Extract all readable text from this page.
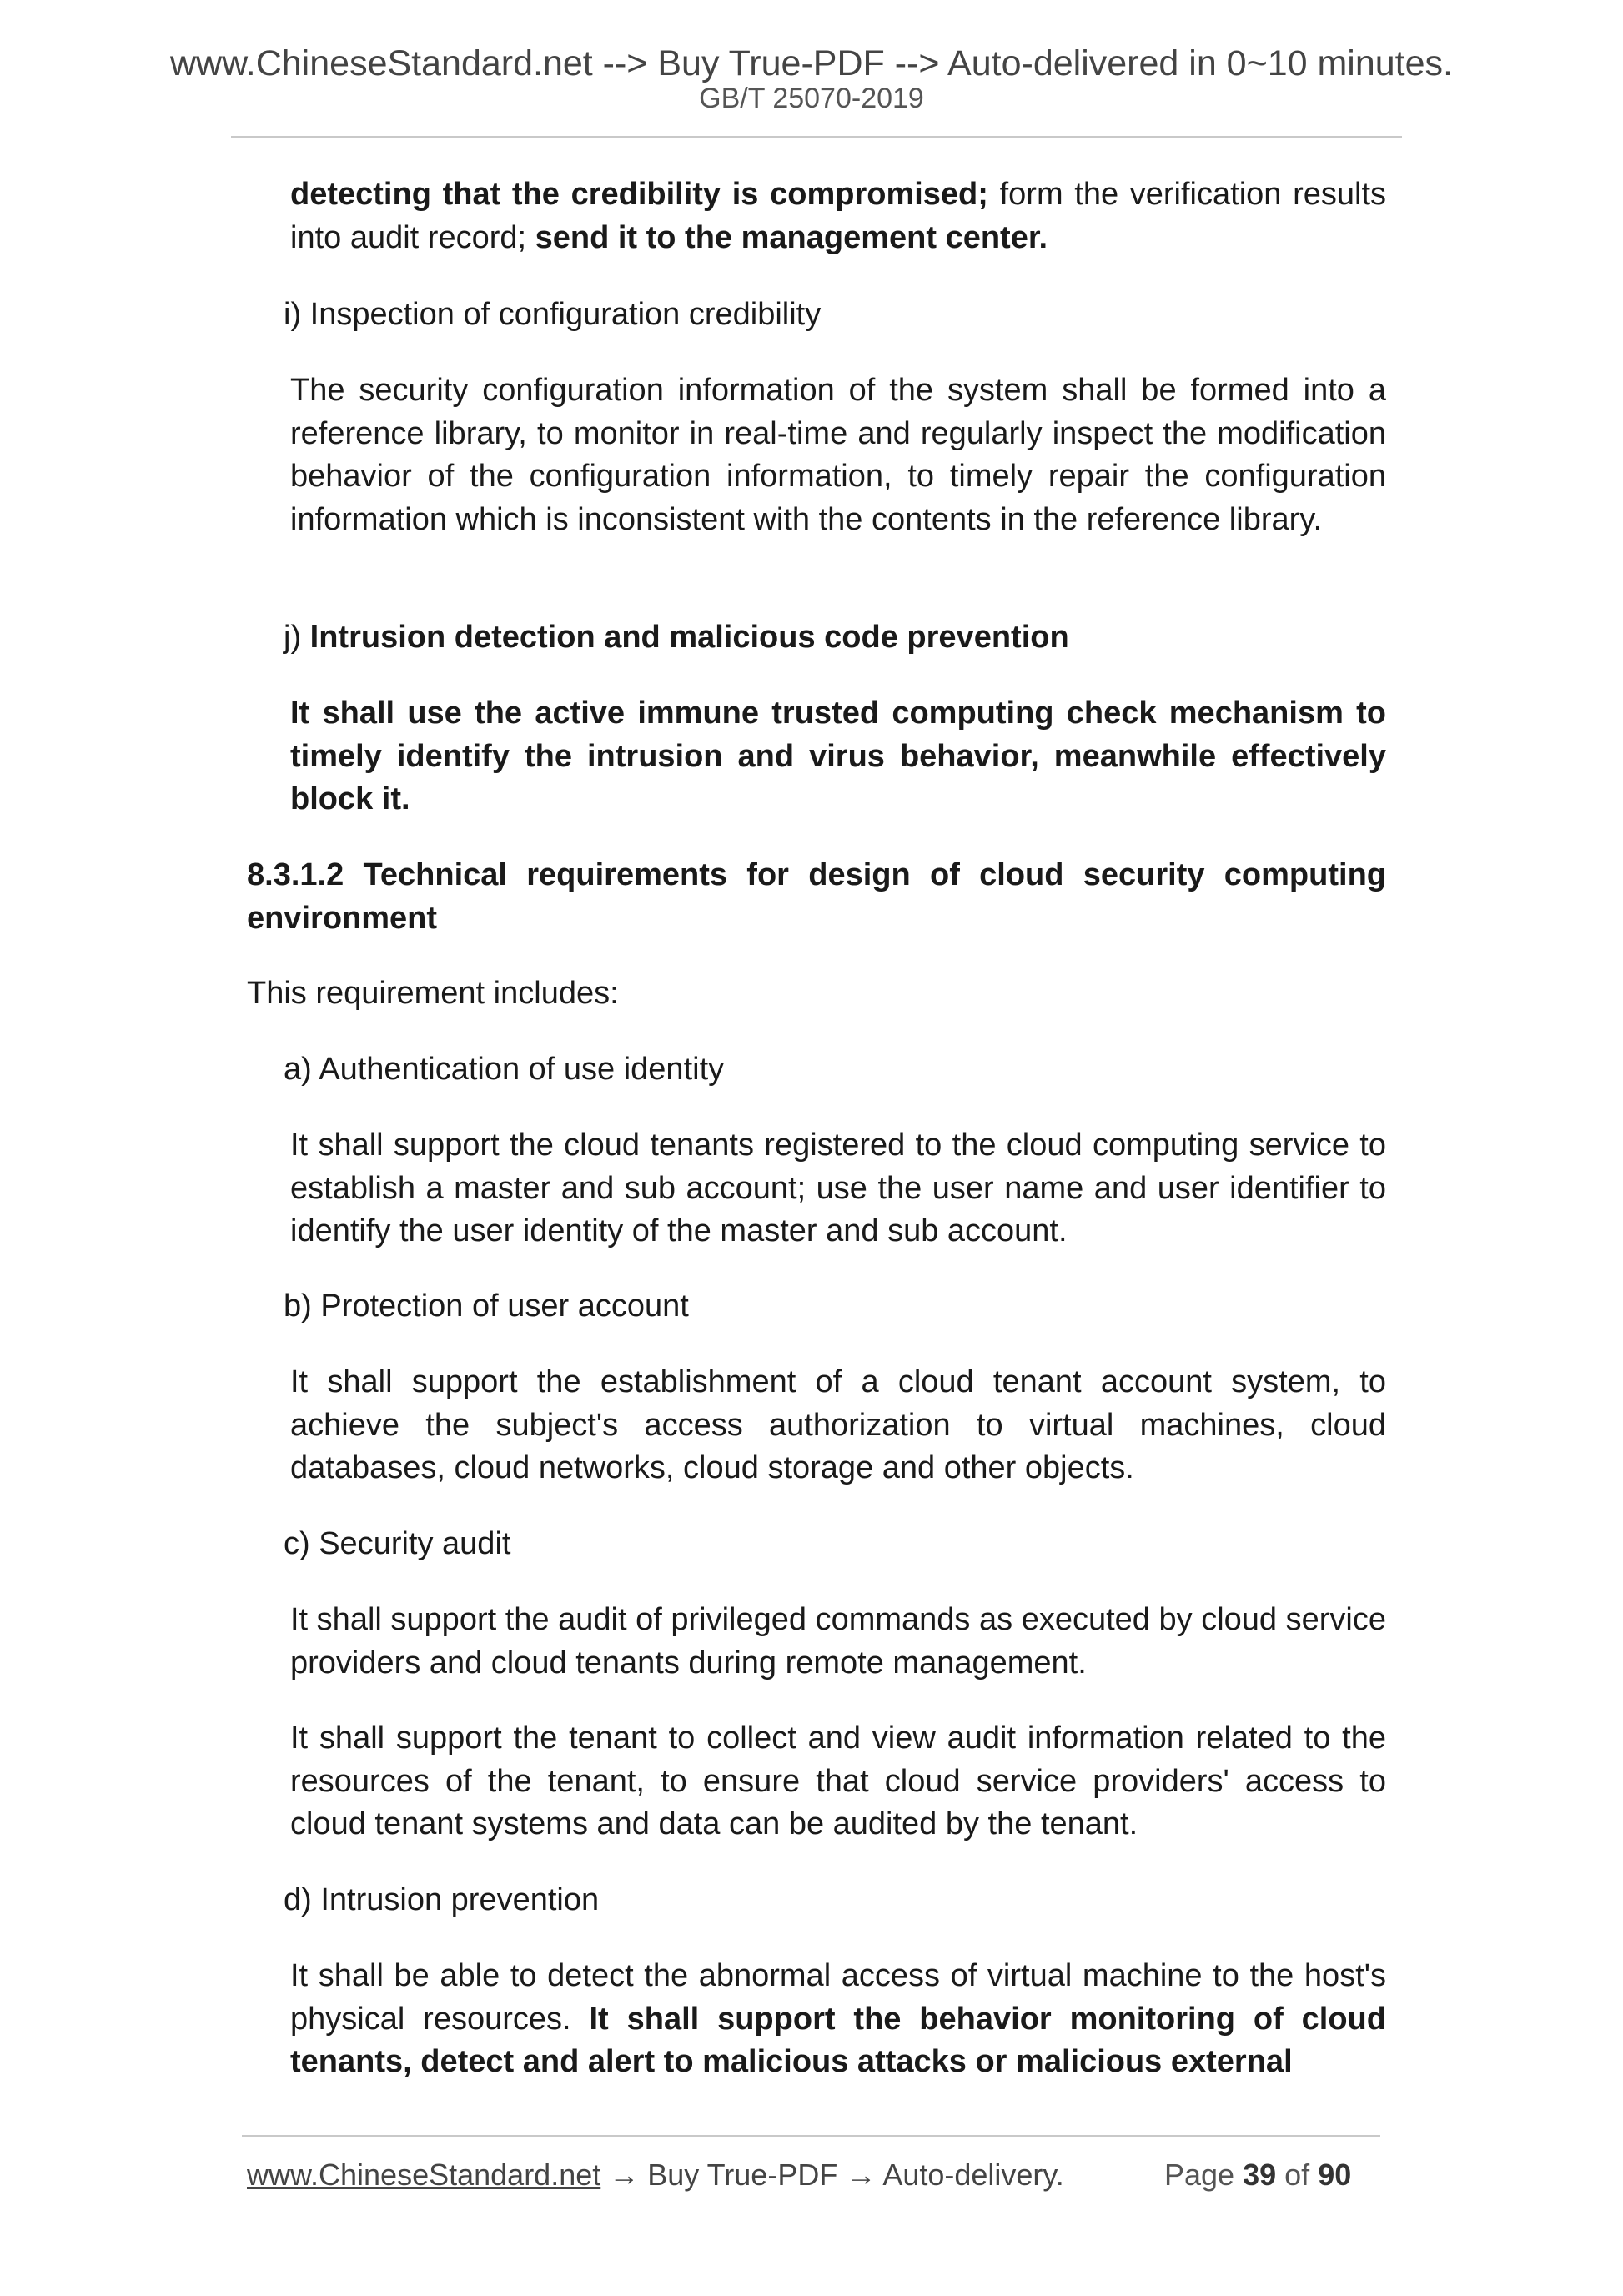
www.ChineseStandard.net --> Buy True-PDF --> Auto-delivered in 0~10 minutes.
GB/T 25070-2019

detecting that the credibility is compromised; form the verification results into audit record; send it to the management center.

i) Inspection of configuration credibility

The security configuration information of the system shall be formed into a reference library, to monitor in real-time and regularly inspect the modification behavior of the configuration information, to timely repair the configuration information which is inconsistent with the contents in the reference library.

j) Intrusion detection and malicious code prevention

It shall use the active immune trusted computing check mechanism to timely identify the intrusion and virus behavior, meanwhile effectively block it.

8.3.1.2 Technical requirements for design of cloud security computing environment

This requirement includes:

a) Authentication of use identity

It shall support the cloud tenants registered to the cloud computing service to establish a master and sub account; use the user name and user identifier to identify the user identity of the master and sub account.

b) Protection of user account

It shall support the establishment of a cloud tenant account system, to achieve the subject's access authorization to virtual machines, cloud databases, cloud networks, cloud storage and other objects.

c) Security audit

It shall support the audit of privileged commands as executed by cloud service providers and cloud tenants during remote management.

It shall support the tenant to collect and view audit information related to the resources of the tenant, to ensure that cloud service providers' access to cloud tenant systems and data can be audited by the tenant.

d) Intrusion prevention

It shall be able to detect the abnormal access of virtual machine to the host's physical resources. It shall support the behavior monitoring of cloud tenants, detect and alert to malicious attacks or malicious external

www.ChineseStandard.net → Buy True-PDF → Auto-delivery.	Page 39 of 90
